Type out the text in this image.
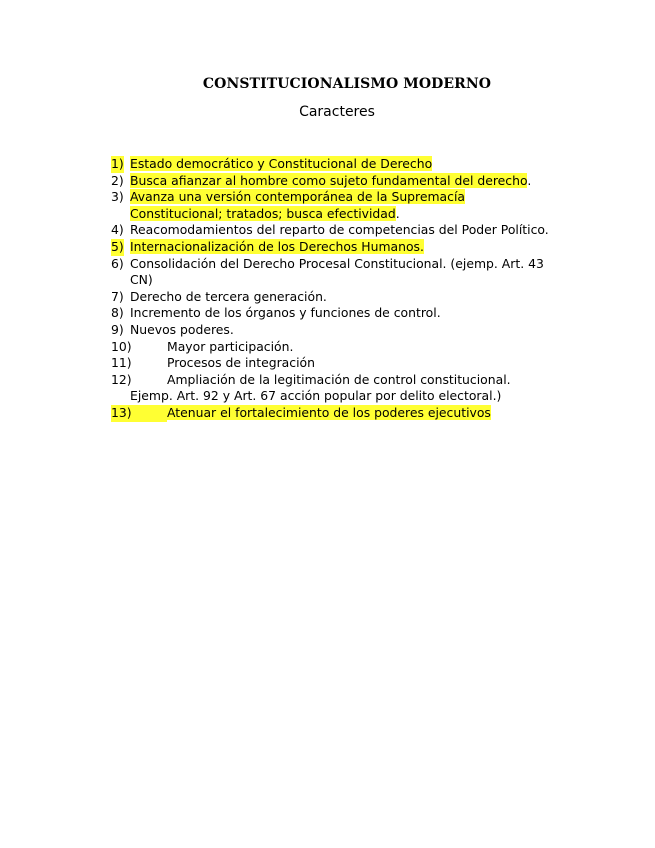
CONSTITUCIONALISMO MODERNO

Caracteres

1) Estado democrático y Constitucional de Derecho
2) Busca afianzar al hombre como sujeto fundamental del derecho.
3) Avanza una versión contemporánea de la Supremacía
Constitucional; tratados; busca efectividad.
4) Reacomodamientos del reparto de competencias del Poder Político.
5) Internacionalización de los Derechos Humanos.
6) Consolidación del Derecho Procesal Constitucional. (ejemp. Art. 43
CN)
7) Derecho de tercera generación.
8) Incremento de los órganos y funciones de control.
9) Nuevos poderes.
10)	Mayor participación.
11)	Procesos de integración
12)	Ampliación de la legitimación de control constitucional.
Ejemp. Art. 92 y Art. 67 acción popular por delito electoral.)
13)	Atenuar el fortalecimiento de los poderes ejecutivos
